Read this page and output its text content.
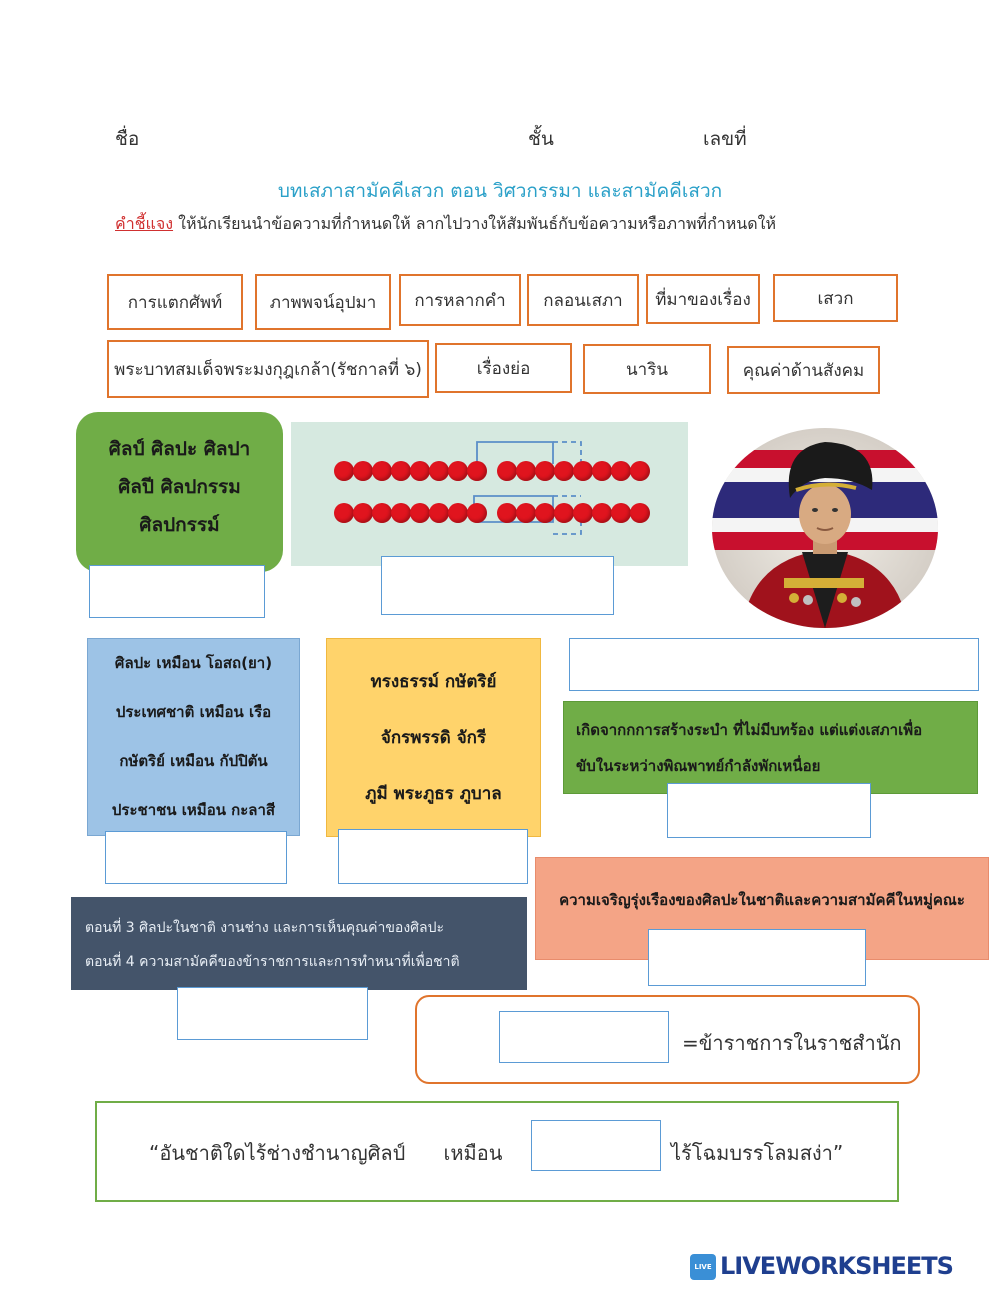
ชื่อ	ชั้น	เลขที่
บทเสภาสามัคคีเสวก ตอน วิศวกรรมา และสามัคคีเสวก
คำชี้แจง ให้นักเรียนนำข้อความที่กำหนดให้ ลากไปวางให้สัมพันธ์กับข้อความหรือภาพที่กำหนดให้
การแตกศัพท์	ภาพพจน์อุปมา	การหลากคำ	กลอนเสภา	ที่มาของเรื่อง	เสวก
พระบาทสมเด็จพระมงกุฎเกล้า(รัชกาลที่ ๖)	เรื่องย่อ	นาริน	คุณค่าด้านสังคม
ศิลป์ ศิลปะ ศิลปา
ศิลปี ศิลปกรรม
ศิลปกรรม์
ศิลปะ เหมือน โอสถ(ยา)
ประเทศชาติ เหมือน เรือ
กษัตริย์ เหมือน กัปปิตัน
ประชาชน เหมือน กะลาสี
ทรงธรรม์ กษัตริย์
จักรพรรดิ จักรี
ภูมี พระภูธร ภูบาล
เกิดจากกการสร้างระบำ ที่ไม่มีบทร้อง แต่แต่งเสภาเพื่อ
ขับในระหว่างพิณพาทย์กำลังพักเหนื่อย
ความเจริญรุ่งเรืองของศิลปะในชาติและความสามัคคีในหมู่คณะ
ตอนที่ 3 ศิลปะในชาติ งานช่าง และการเห็นคุณค่าของศิลปะ
ตอนที่ 4 ความสามัคคีของข้าราชการและการทำหนาที่เพื่อชาติ
=ข้าราชการในราชสำนัก
“อันชาติใดไร้ช่างชำนาญศิลป์      เหมือน	ไร้โฉมบรรโลมสง่า”
LIVE LIVEWORKSHEETS
